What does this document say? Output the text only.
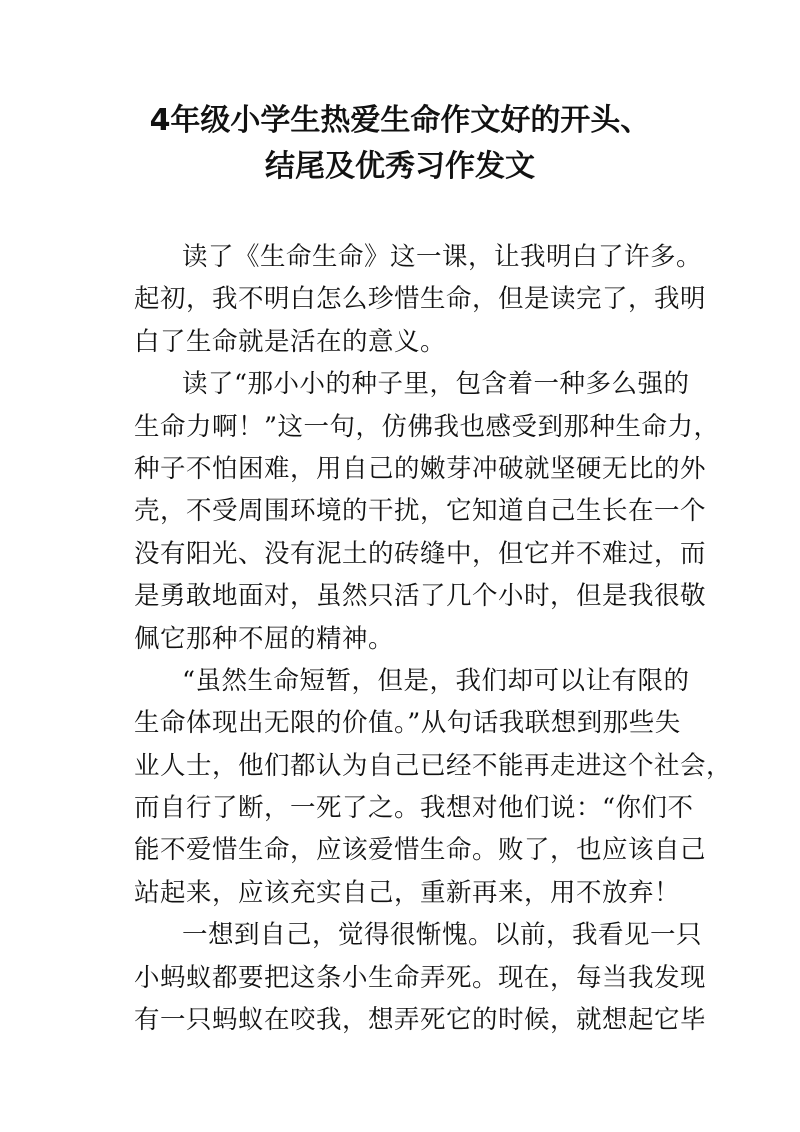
4年级小学生热爱生命作文好的开头、
结尾及优秀习作发文
读了《生命生命》这一课，让我明白了许多。
起初，我不明白怎么珍惜生命，但是读完了，我明
白了生命就是活在的意义。
读了“那小小的种子里，包含着一种多么强的
生命力啊！”这一句，仿佛我也感受到那种生命力，
种子不怕困难，用自己的嫩芽冲破就坚硬无比的外
壳，不受周围环境的干扰，它知道自己生长在一个
没有阳光、没有泥土的砖缝中，但它并不难过，而
是勇敢地面对，虽然只活了几个小时，但是我很敬
佩它那种不屈的精神。
“虽然生命短暂，但是，我们却可以让有限的
生命体现出无限的价值。”从句话我联想到那些失
业人士，他们都认为自己已经不能再走进这个社会，
而自行了断，一死了之。我想对他们说：“你们不
能不爱惜生命，应该爱惜生命。败了，也应该自己
站起来，应该充实自己，重新再来，用不放弃！
一想到自己，觉得很惭愧。以前，我看见一只
小蚂蚁都要把这条小生命弄死。现在，每当我发现
有一只蚂蚁在咬我，想弄死它的时候，就想起它毕
